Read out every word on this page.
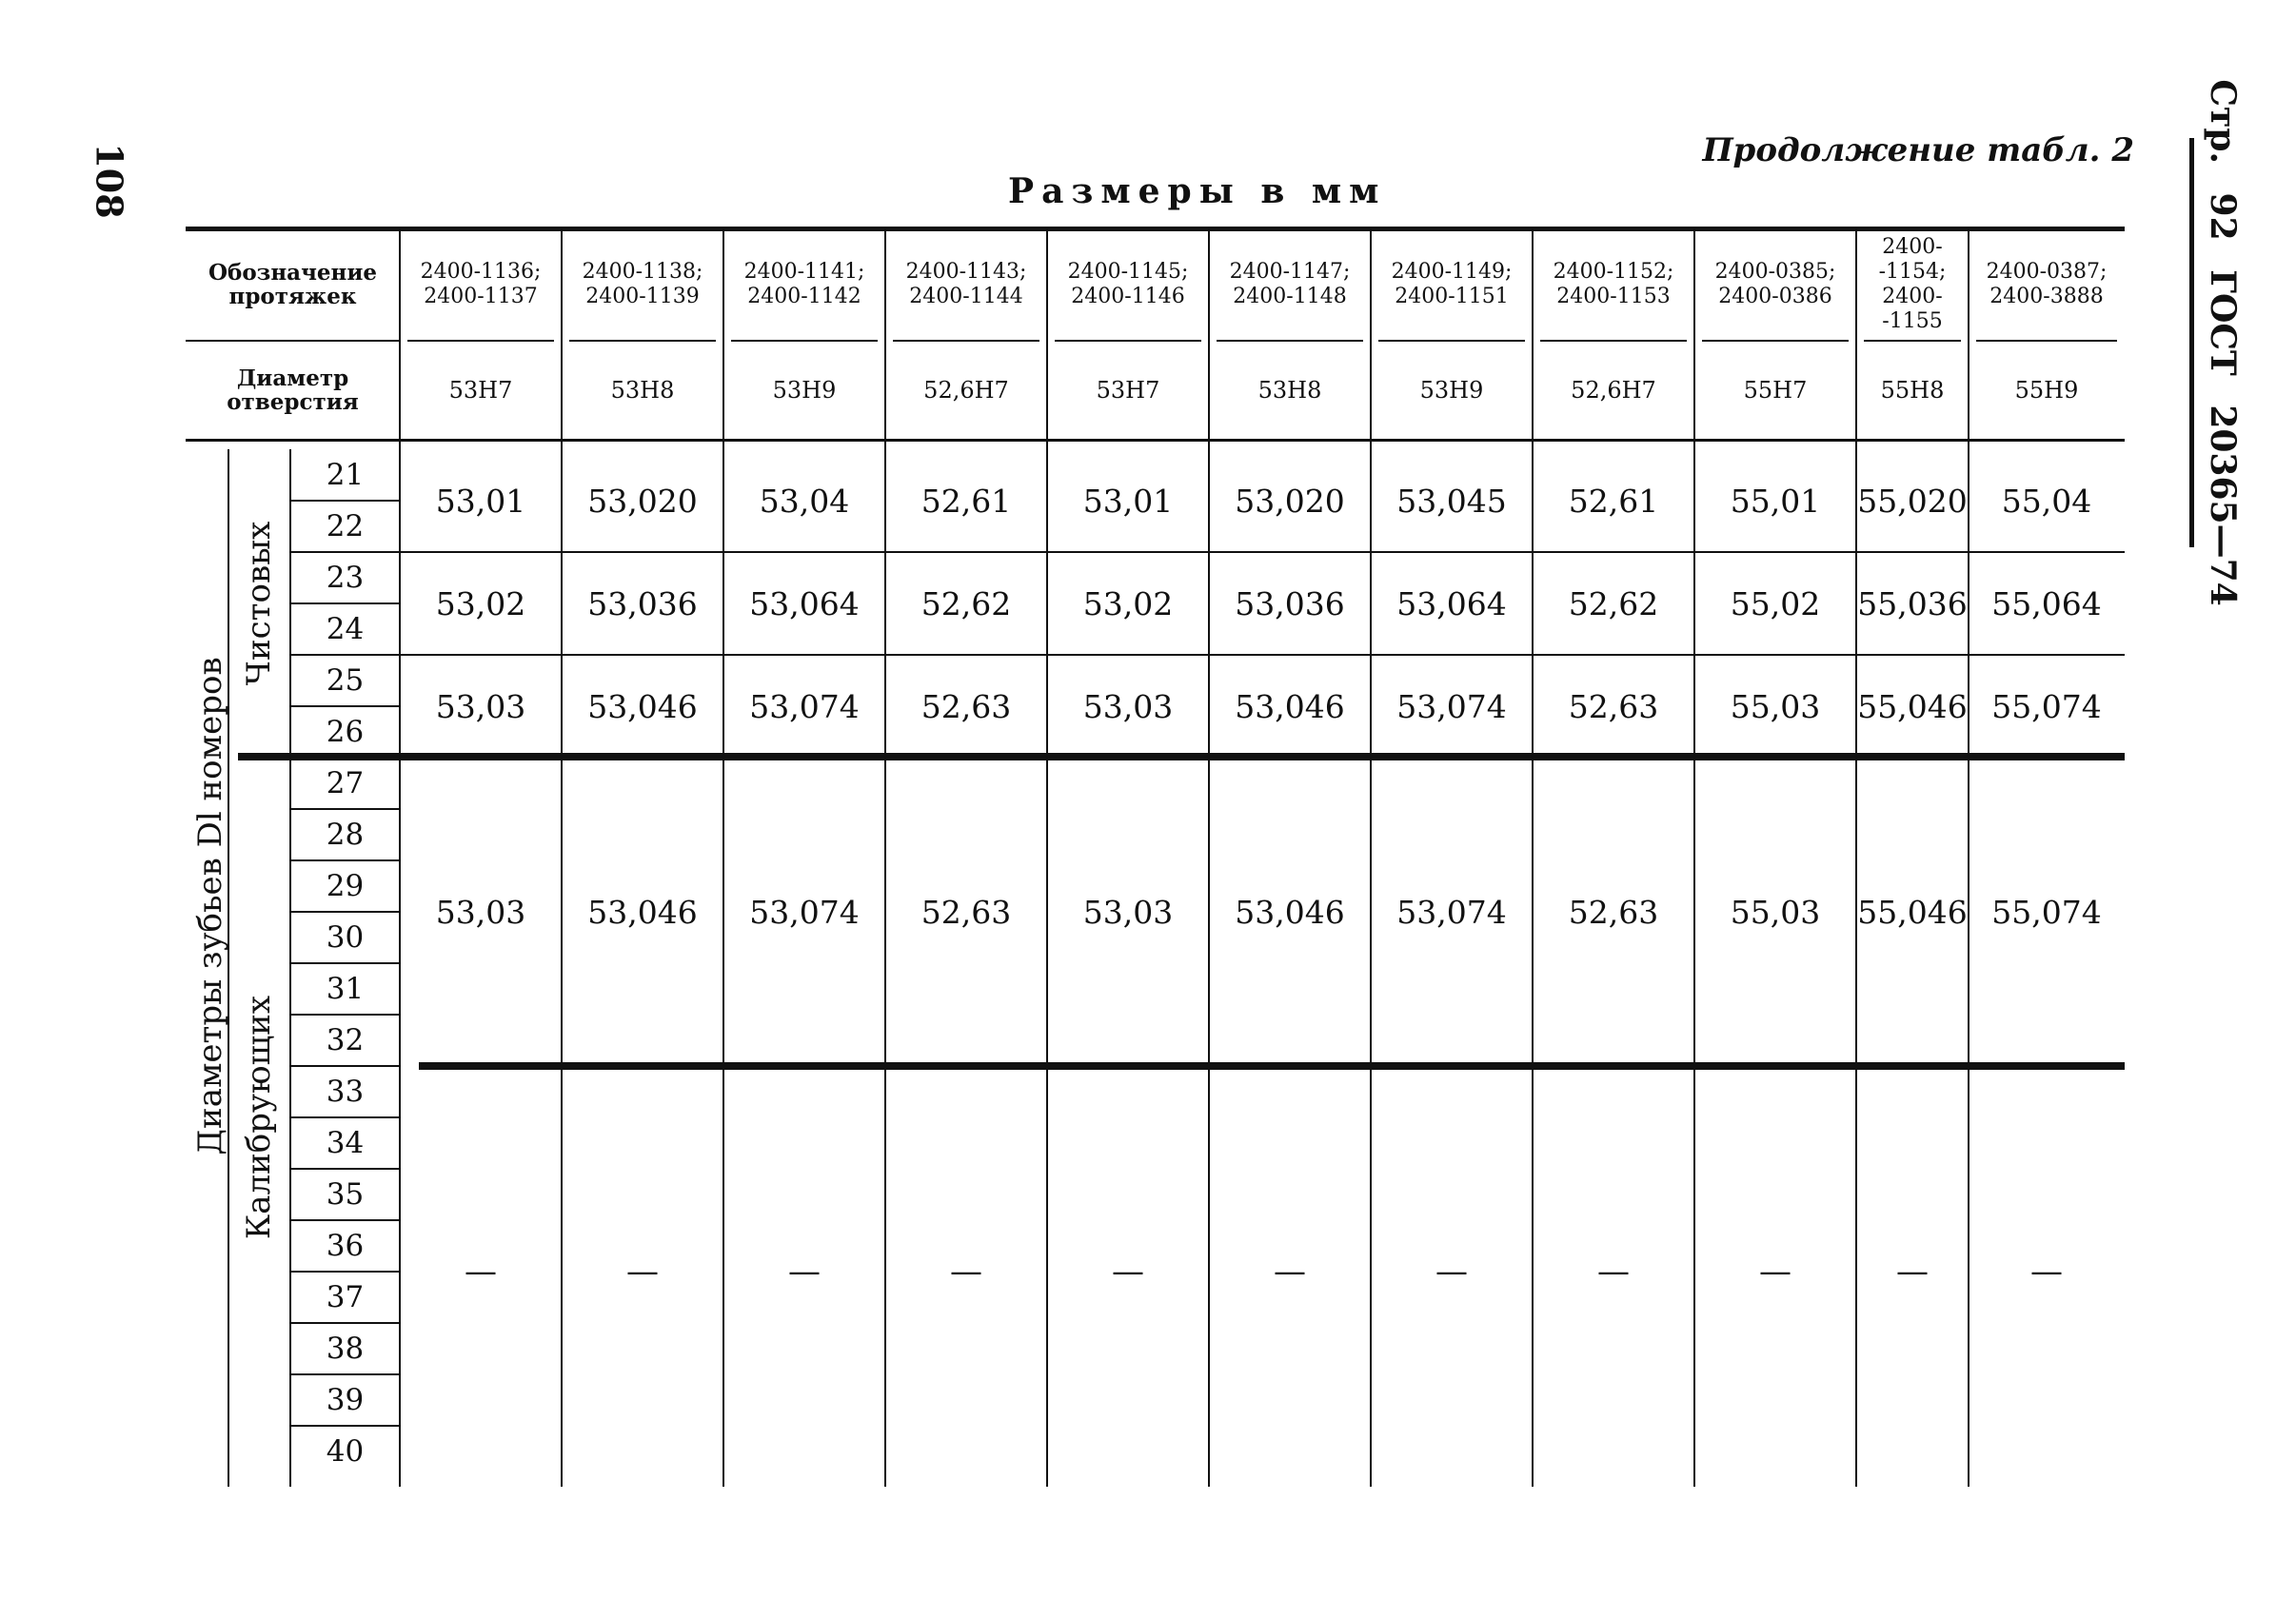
108	Стр. 92 ГОСТ 20365—74
Продолжение табл. 2
Размеры в мм
Обозначение протяжек
Диаметр отверстия
Диаметры зубьев Dl номеров
Чистовых
Калибрующих
21
22
23
24
25
26
27
28
29
30
31
32
33
34
35
36
37
38
39
40
2400-1136;
2400-1137
53H7
53,01
53,02
53,03
53,03
—
2400-1138;
2400-1139
53H8
53,020
53,036
53,046
53,046
—
2400-1141;
2400-1142
53H9
53,04
53,064
53,074
53,074
—
2400-1143;
2400-1144
52,6H7
52,61
52,62
52,63
52,63
—
2400-1145;
2400-1146
53H7
53,01
53,02
53,03
53,03
—
2400-1147;
2400-1148
53H8
53,020
53,036
53,046
53,046
—
2400-1149;
2400-1151
53H9
53,045
53,064
53,074
53,074
—
2400-1152;
2400-1153
52,6H7
52,61
52,62
52,63
52,63
—
2400-0385;
2400-0386
55H7
55,01
55,02
55,03
55,03
—
2400-
-1154;
2400-
-1155
55H8
55,020
55,036
55,046
55,046
—
2400-0387;
2400-3888
55H9
55,04
55,064
55,074
55,074
—
